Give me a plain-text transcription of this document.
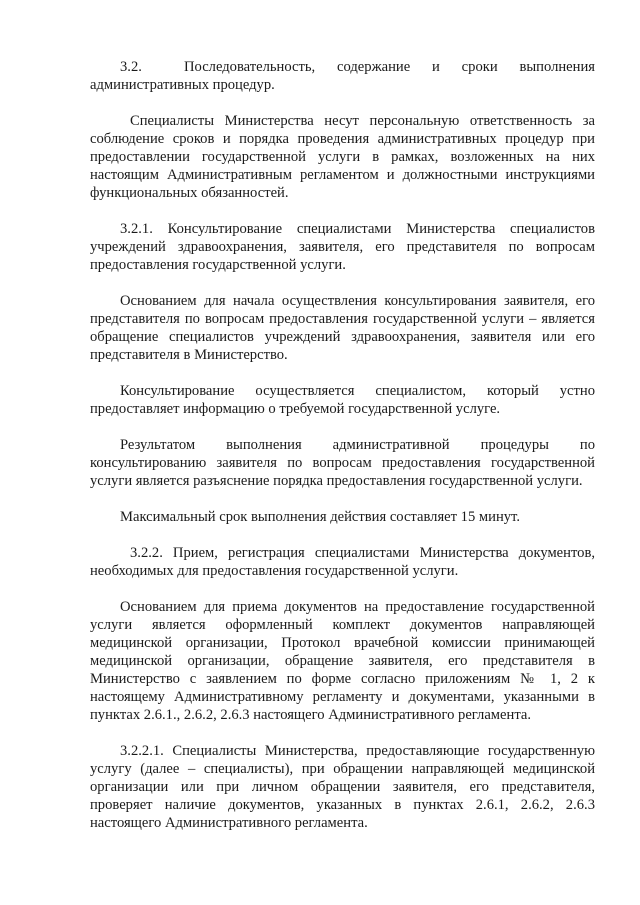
3.2.	Последовательность, содержание и сроки выполнения

административных процедур.

Специалисты Министерства несут персональную ответственность за соблюдение сроков и порядка проведения административных процедур при предоставлении государственной услуги в рамках, возложенных на них настоящим Административным регламентом и должностными инструкциями функциональных обязанностей.

3.2.1. Консультирование специалистами Министерства специалистов учреждений здравоохранения, заявителя, его представителя по вопросам предоставления государственной услуги.

Основанием для начала осуществления консультирования заявителя, его представителя по вопросам предоставления государственной услуги – является обращение специалистов учреждений здравоохранения, заявителя или его представителя в Министерство.

Консультирование осуществляется специалистом, который устно предоставляет информацию о требуемой государственной услуге.

Результатом выполнения административной процедуры по консультированию заявителя по вопросам предоставления государственной услуги является разъяснение порядка предоставления государственной услуги.

Максимальный срок выполнения действия составляет 15 минут.

3.2.2. Прием, регистрация специалистами Министерства документов, необходимых для предоставления государственной услуги.

Основанием для приема документов на предоставление государственной услуги является оформленный комплект документов направляющей медицинской организации, Протокол врачебной комиссии принимающей медицинской организации, обращение заявителя, его представителя в Министерство с заявлением по форме согласно приложениям № 1, 2 к настоящему Административному регламенту и документами, указанными в пунктах 2.6.1., 2.6.2, 2.6.3 настоящего Административного регламента.

3.2.2.1. Специалисты Министерства, предоставляющие государственную услугу (далее – специалисты), при обращении направляющей медицинской организации или при личном обращении заявителя, его представителя, проверяет наличие документов, указанных в пунктах 2.6.1, 2.6.2, 2.6.3 настоящего Административного регламента.
